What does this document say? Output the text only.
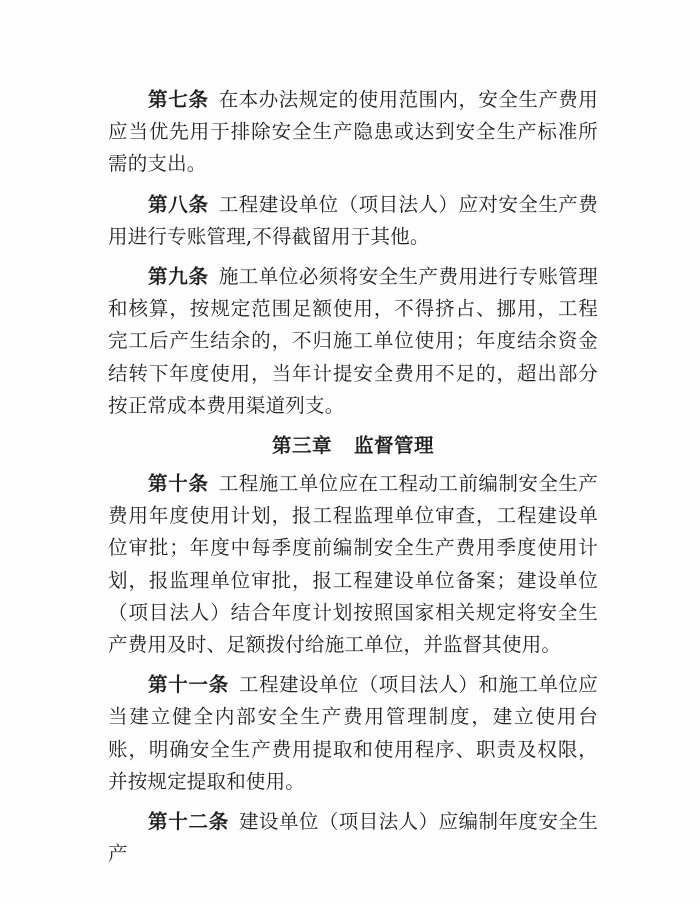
第七条 在本办法规定的使用范围内，安全生产费用应当优先用于排除安全生产隐患或达到安全生产标准所需的支出。

第八条 工程建设单位（项目法人）应对安全生产费用进行专账管理,不得截留用于其他。

第九条 施工单位必须将安全生产费用进行专账管理和核算，按规定范围足额使用，不得挤占、挪用，工程完工后产生结余的，不归施工单位使用；年度结余资金结转下年度使用，当年计提安全费用不足的，超出部分按正常成本费用渠道列支。

第三章 监督管理

第十条 工程施工单位应在工程动工前编制安全生产费用年度使用计划，报工程监理单位审查，工程建设单位审批；年度中每季度前编制安全生产费用季度使用计划，报监理单位审批，报工程建设单位备案；建设单位（项目法人）结合年度计划按照国家相关规定将安全生产费用及时、足额拨付给施工单位，并监督其使用。

第十一条 工程建设单位（项目法人）和施工单位应当建立健全内部安全生产费用管理制度，建立使用台账，明确安全生产费用提取和使用程序、职责及权限，并按规定提取和使用。

第十二条 建设单位（项目法人）应编制年度安全生产
